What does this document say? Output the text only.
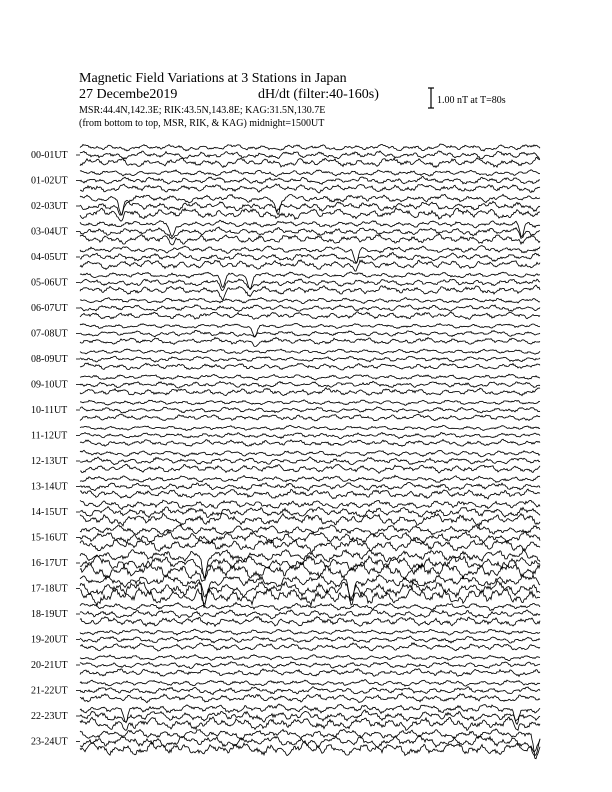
Magnetic Field Variations at 3 Stations in Japan
27 Decembe2019	dH/dt (filter:40-160s)
MSR:44.4N,142.3E; RIK:43.5N,143.8E; KAG:31.5N,130.7E
(from bottom to top, MSR, RIK, & KAG) midnight=1500UT
1.00 nT at T=80s
00-01UT
01-02UT
02-03UT
03-04UT
04-05UT
05-06UT
06-07UT
07-08UT
08-09UT
09-10UT
10-11UT
11-12UT
12-13UT
13-14UT
14-15UT
15-16UT
16-17UT
17-18UT
18-19UT
19-20UT
20-21UT
21-22UT
22-23UT
23-24UT
